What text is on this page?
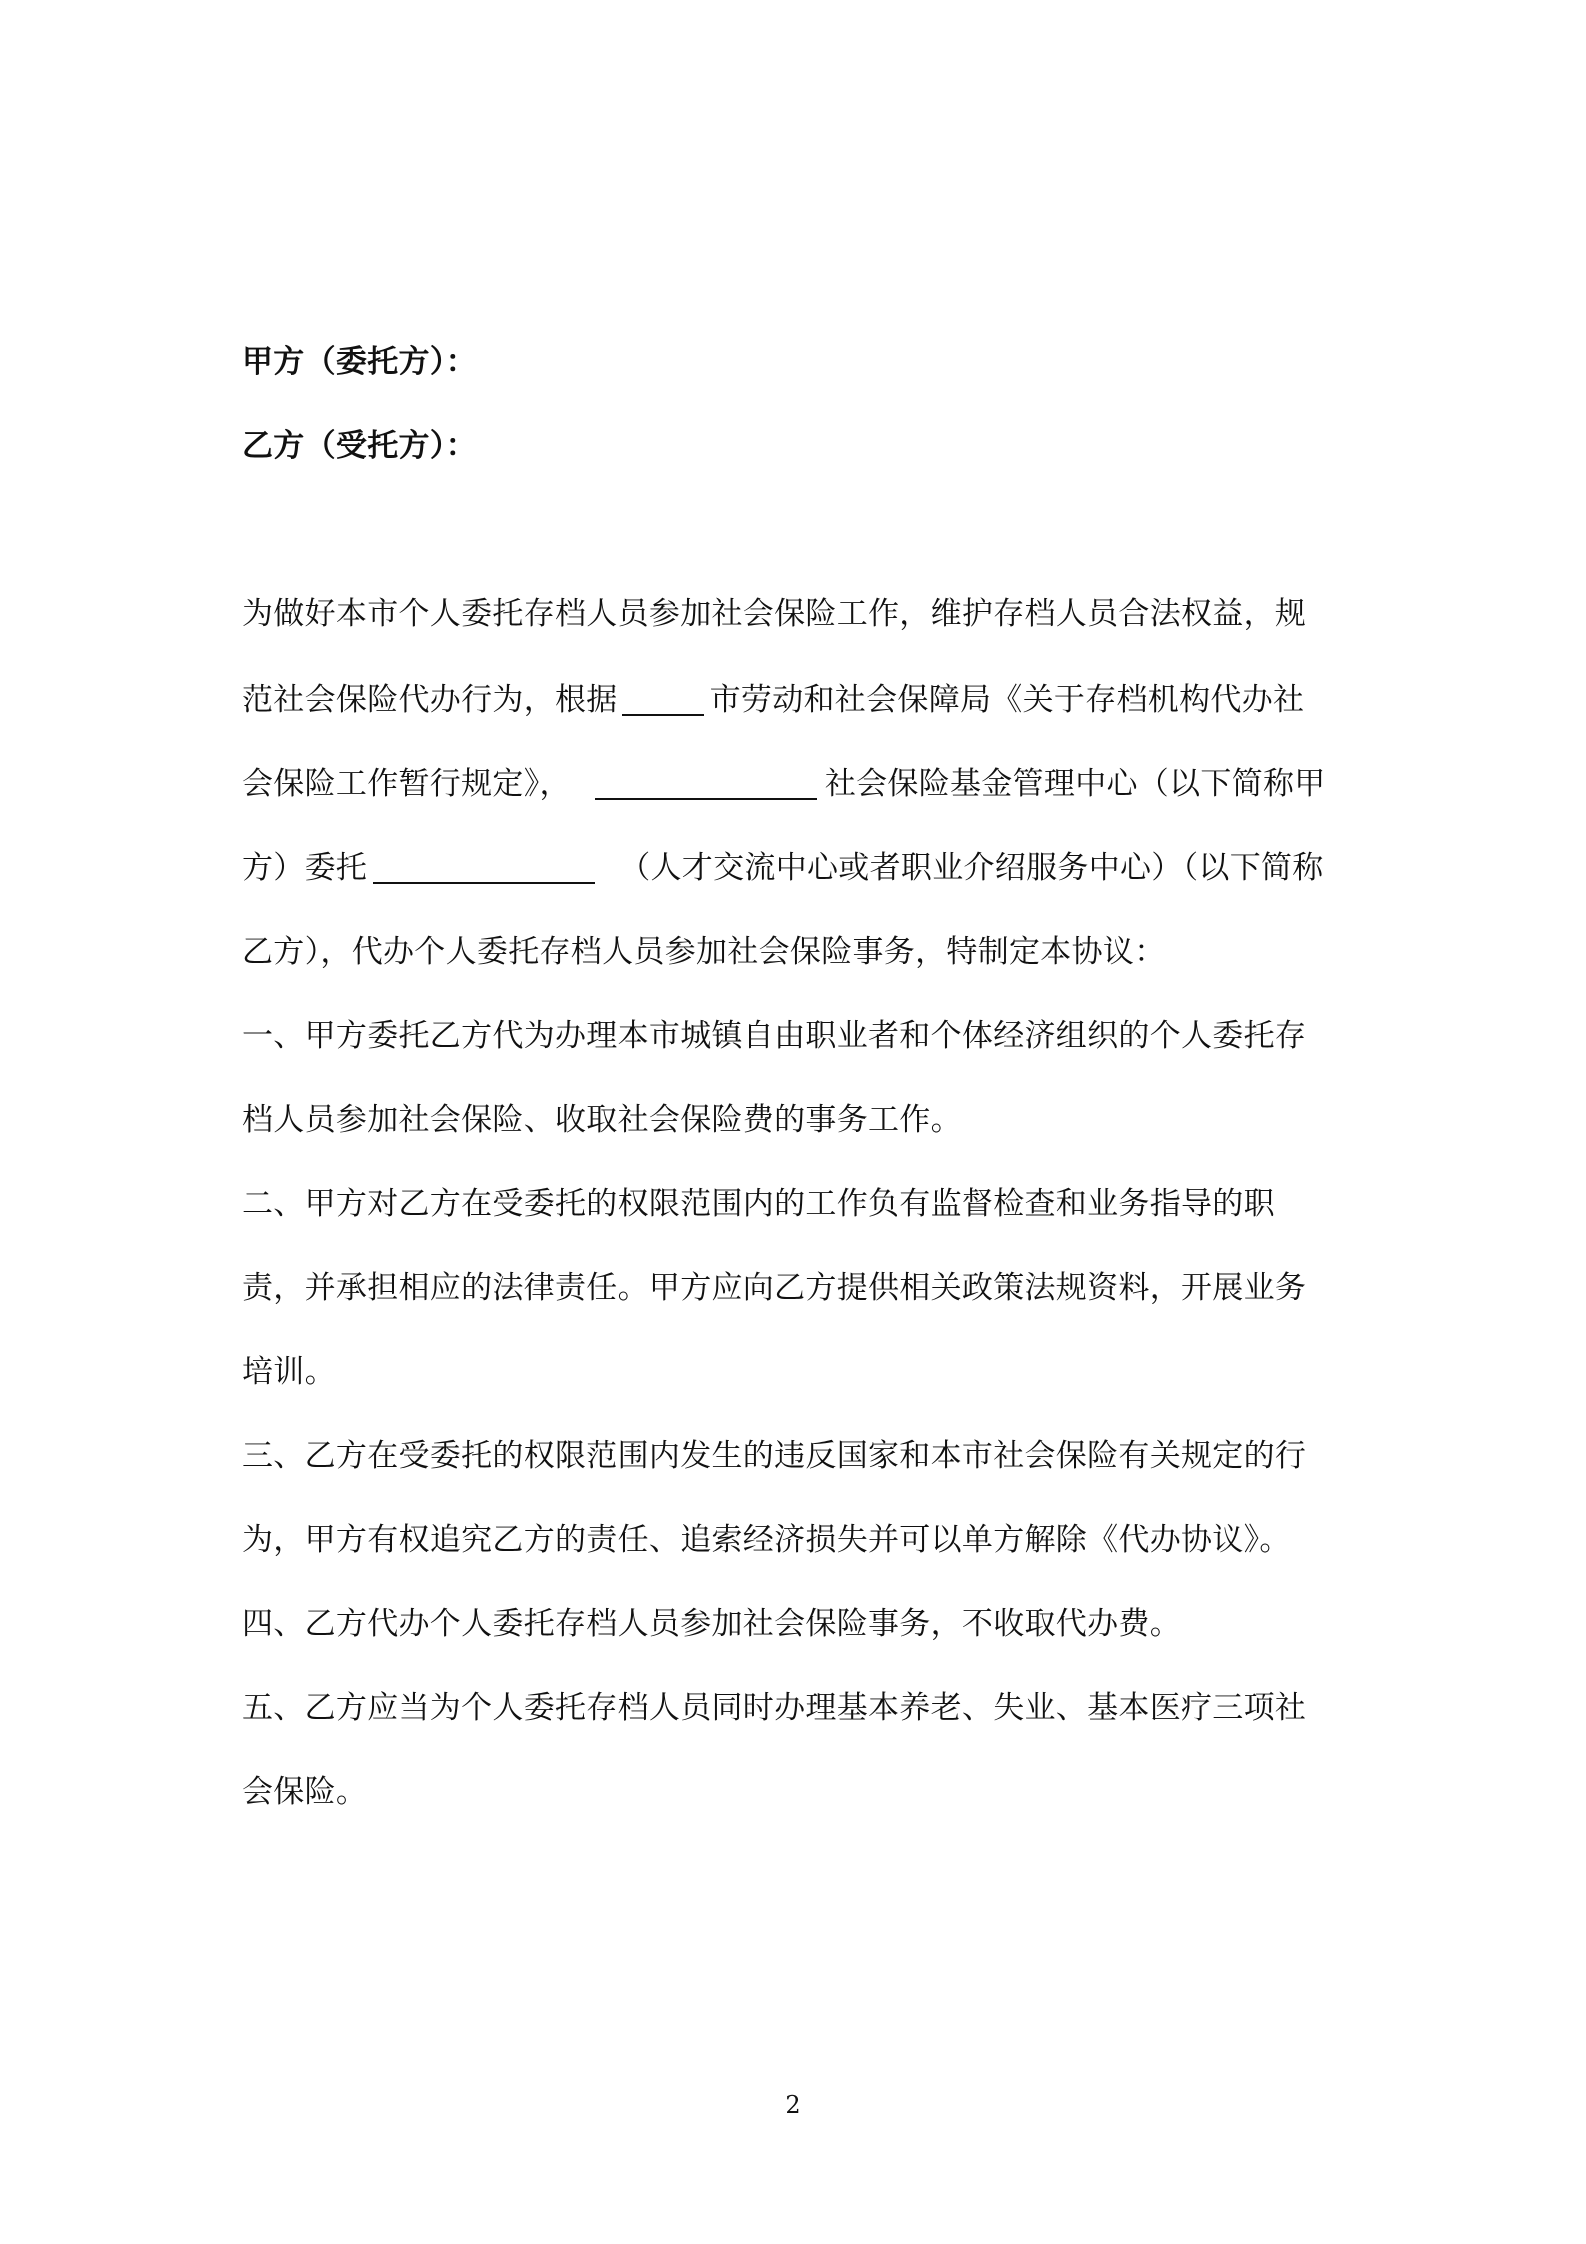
甲方（委托方）：
乙方（受托方）：
为做好本市个人委托存档人员参加社会保险工作，维护存档人员合法权益，规
范社会保险代办行为，根据	市劳动和社会保障局《关于存档机构代办社
会保险工作暂行规定》，	社会保险基金管理中心（以下简称甲
方）委托	（人才交流中心或者职业介绍服务中心）（以下简称
乙方），代办个人委托存档人员参加社会保险事务，特制定本协议：
一、甲方委托乙方代为办理本市城镇自由职业者和个体经济组织的个人委托存
档人员参加社会保险、收取社会保险费的事务工作。
二、甲方对乙方在受委托的权限范围内的工作负有监督检查和业务指导的职
责，并承担相应的法律责任。甲方应向乙方提供相关政策法规资料，开展业务
培训。
三、乙方在受委托的权限范围内发生的违反国家和本市社会保险有关规定的行
为，甲方有权追究乙方的责任、追索经济损失并可以单方解除《代办协议》。
四、乙方代办个人委托存档人员参加社会保险事务，不收取代办费。
五、乙方应当为个人委托存档人员同时办理基本养老、失业、基本医疗三项社
会保险。
2
